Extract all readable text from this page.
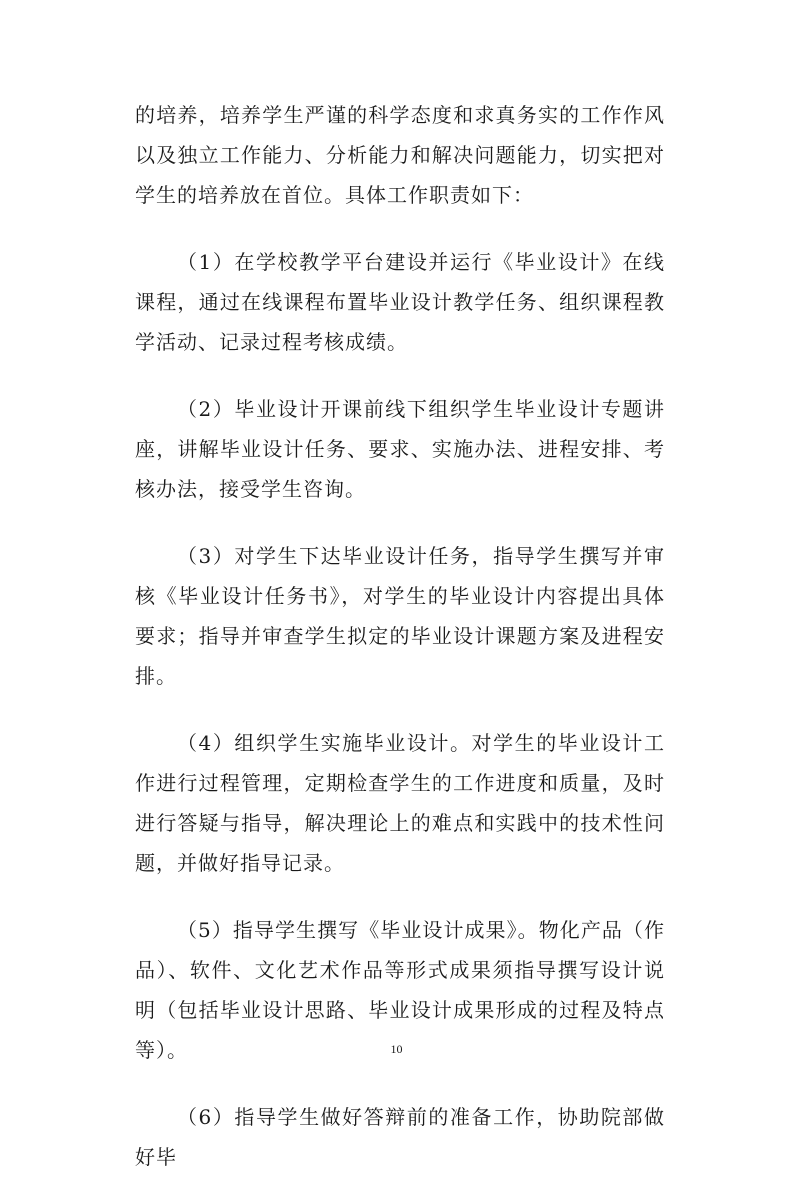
的培养，培养学生严谨的科学态度和求真务实的工作作风以及独立工作能力、分析能力和解决问题能力，切实把对学生的培养放在首位。具体工作职责如下：

（1）在学校教学平台建设并运行《毕业设计》在线课程，通过在线课程布置毕业设计教学任务、组织课程教学活动、记录过程考核成绩。

（2）毕业设计开课前线下组织学生毕业设计专题讲座，讲解毕业设计任务、要求、实施办法、进程安排、考核办法，接受学生咨询。

（3）对学生下达毕业设计任务，指导学生撰写并审核《毕业设计任务书》，对学生的毕业设计内容提出具体要求；指导并审查学生拟定的毕业设计课题方案及进程安排。

（4）组织学生实施毕业设计。对学生的毕业设计工作进行过程管理，定期检查学生的工作进度和质量，及时进行答疑与指导，解决理论上的难点和实践中的技术性问题，并做好指导记录。

（5）指导学生撰写《毕业设计成果》。物化产品（作品）、软件、文化艺术作品等形式成果须指导撰写设计说明（包括毕业设计思路、毕业设计成果形成的过程及特点等）。

（6）指导学生做好答辩前的准备工作，协助院部做好毕

10
